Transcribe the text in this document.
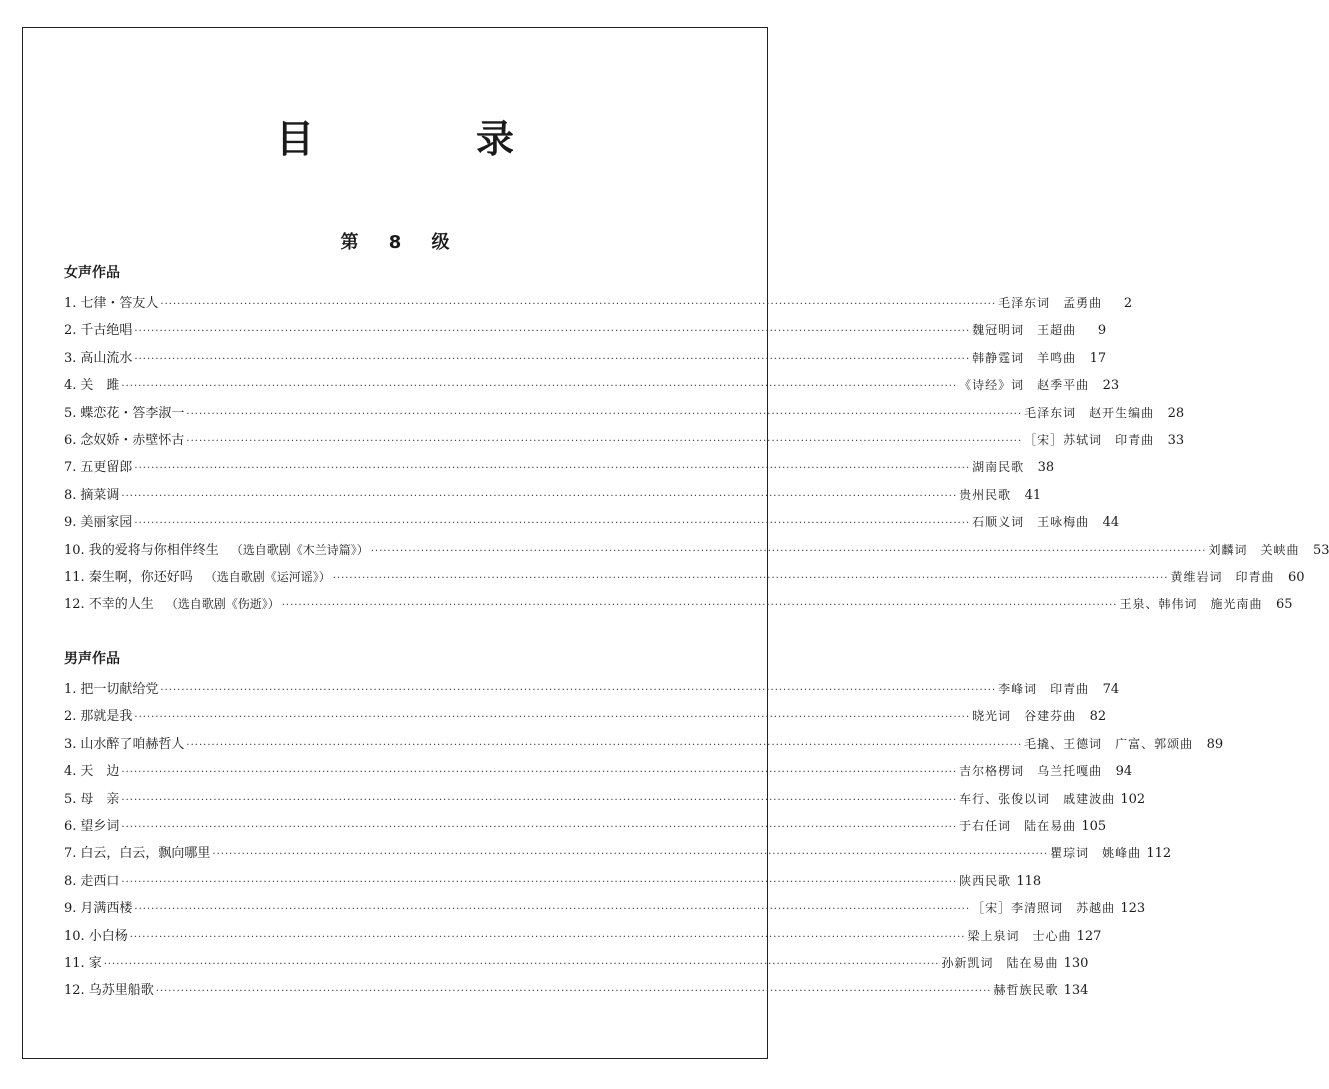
目　录
第 8 级
女声作品
1. 七律・答友人 ········································································································································································································ 毛泽东词　孟勇曲	2
2. 千古绝唱 ········································································································································································································ 魏冠明词　王超曲	9
3. 高山流水 ········································································································································································································ 韩静霆词　羊鸣曲	17
4. 关　雎 ········································································································································································································ 《诗经》词　赵季平曲	23
5. 蝶恋花・答李淑一 ········································································································································································································ 毛泽东词　赵开生编曲	28
6. 念奴娇・赤壁怀古 ········································································································································································································ ［宋］苏轼词　印青曲	33
7. 五更留郎 ········································································································································································································ 湖南民歌	38
8. 摘菜调 ········································································································································································································ 贵州民歌	41
9. 美丽家园 ········································································································································································································ 石顺义词　王咏梅曲	44
10. 我的爱将与你相伴终生 （选自歌剧《木兰诗篇》） ········································································································································································································ 刘麟词　关峡曲	53
11. 秦生啊，你还好吗 （选自歌剧《运河谣》） ········································································································································································································ 黄维岩词　印青曲	60
12. 不幸的人生 （选自歌剧《伤逝》） ········································································································································································································ 王泉、韩伟词　施光南曲	65
男声作品
1. 把一切献给党 ········································································································································································································ 李峰词　印青曲	74
2. 那就是我 ········································································································································································································ 晓光词　谷建芬曲	82
3. 山水醉了咱赫哲人 ········································································································································································································ 毛撬、王德词　广富、郭颂曲	89
4. 天　边 ········································································································································································································ 吉尔格楞词　乌兰托嘎曲	94
5. 母　亲 ········································································································································································································ 车行、张俊以词　戚建波曲 102
6. 望乡词 ········································································································································································································ 于右任词　陆在易曲 105
7. 白云，白云，飘向哪里 ········································································································································································································ 瞿琮词　姚峰曲 112
8. 走西口 ········································································································································································································ 陕西民歌 118
9. 月满西楼 ········································································································································································································ ［宋］李清照词　苏越曲 123
10. 小白杨 ········································································································································································································ 梁上泉词　士心曲 127
11. 家 ········································································································································································································ 孙新凯词　陆在易曲 130
12. 乌苏里船歌 ········································································································································································································ 赫哲族民歌 134
